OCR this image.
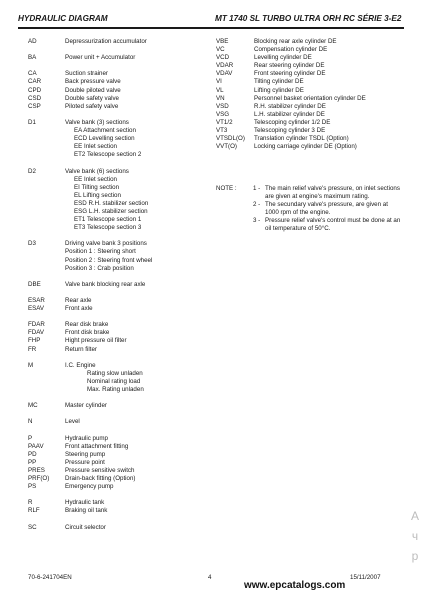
HYDRAULIC DIAGRAM	MT 1740 SL TURBO ULTRA ORH RC SÉRIE 3-E2
AD	Depressurization accumulator
BA	Power unit + Accumulator
CA	Suction strainer
CAR	Back pressure valve
CPD	Double piloted valve
CSD	Double safety valve
CSP	Piloted safety valve
D1	Valve bank (3) sections
EA Attachment section
ECD Levelling section
EE Inlet section
ET2 Telescope section 2
D2	Valve bank (6) sections
EE Inlet section
EI Tilting section
EL Lifting section
ESD R.H. stabilizer section
ESG L.H. stabilizer section
ET1 Telescope section 1
ET3 Telescope section 3
D3	Driving valve bank 3 positions
Position 1 : Steering short
Position 2 : Steering front wheel
Position 3 : Crab position
DBE	Valve bank blocking rear axle
ESAR	Rear axle
ESAV	Front axle
FDAR	Rear disk brake
FDAV	Front disk brake
FHP	Hight pressure oil filter
FR	Return filter
M	I.C. Engine
Rating slow unladen
Nominal rating load
Max. Rating unladen
MC	Master cylinder
N	Level
P	Hydraulic pump
PAAV	Front attachment fitting
PD	Steering pump
PP	Pressure point
PRES	Pressure sensitive switch
PRF(O)	Drain-back fitting (Option)
PS	Emergency pump
R	Hydraulic tank
RLF	Braking oil tank
SC	Circuit selector
VBE	Blocking rear axle cylinder DE
VC	Compensation cylinder DE
VCD	Levelling cylinder DE
VDAR	Rear steering cylinder DE
VDAV	Front steering cylinder DE
VI	Tilting cylinder DE
VL	Lifting cylinder DE
VN	Personnel basket orientation cylinder DE
VSD	R.H. stabilizer cylinder DE
VSG	L.H. stabilizer cylinder DE
VT1/2	Telescoping cylinder 1/2 DE
VT3	Telescoping cylinder 3 DE
VTSDL(O)	Translation cylinder TSDL (Option)
VVT(O)	Locking carriage cylinder DE (Option)
NOTE :	1 - The main relief valve's pressure, on inlet sections are given at engine's maximum rating.
2 - The secundary valve's pressure, are given at 1000 rpm of the engine.
3 - Pressure relief valve's control must be done at an oil temperature of 50°C.
А
ч
р
70-6-241704EN	4	15/11/2007
www.epcatalogs.com
